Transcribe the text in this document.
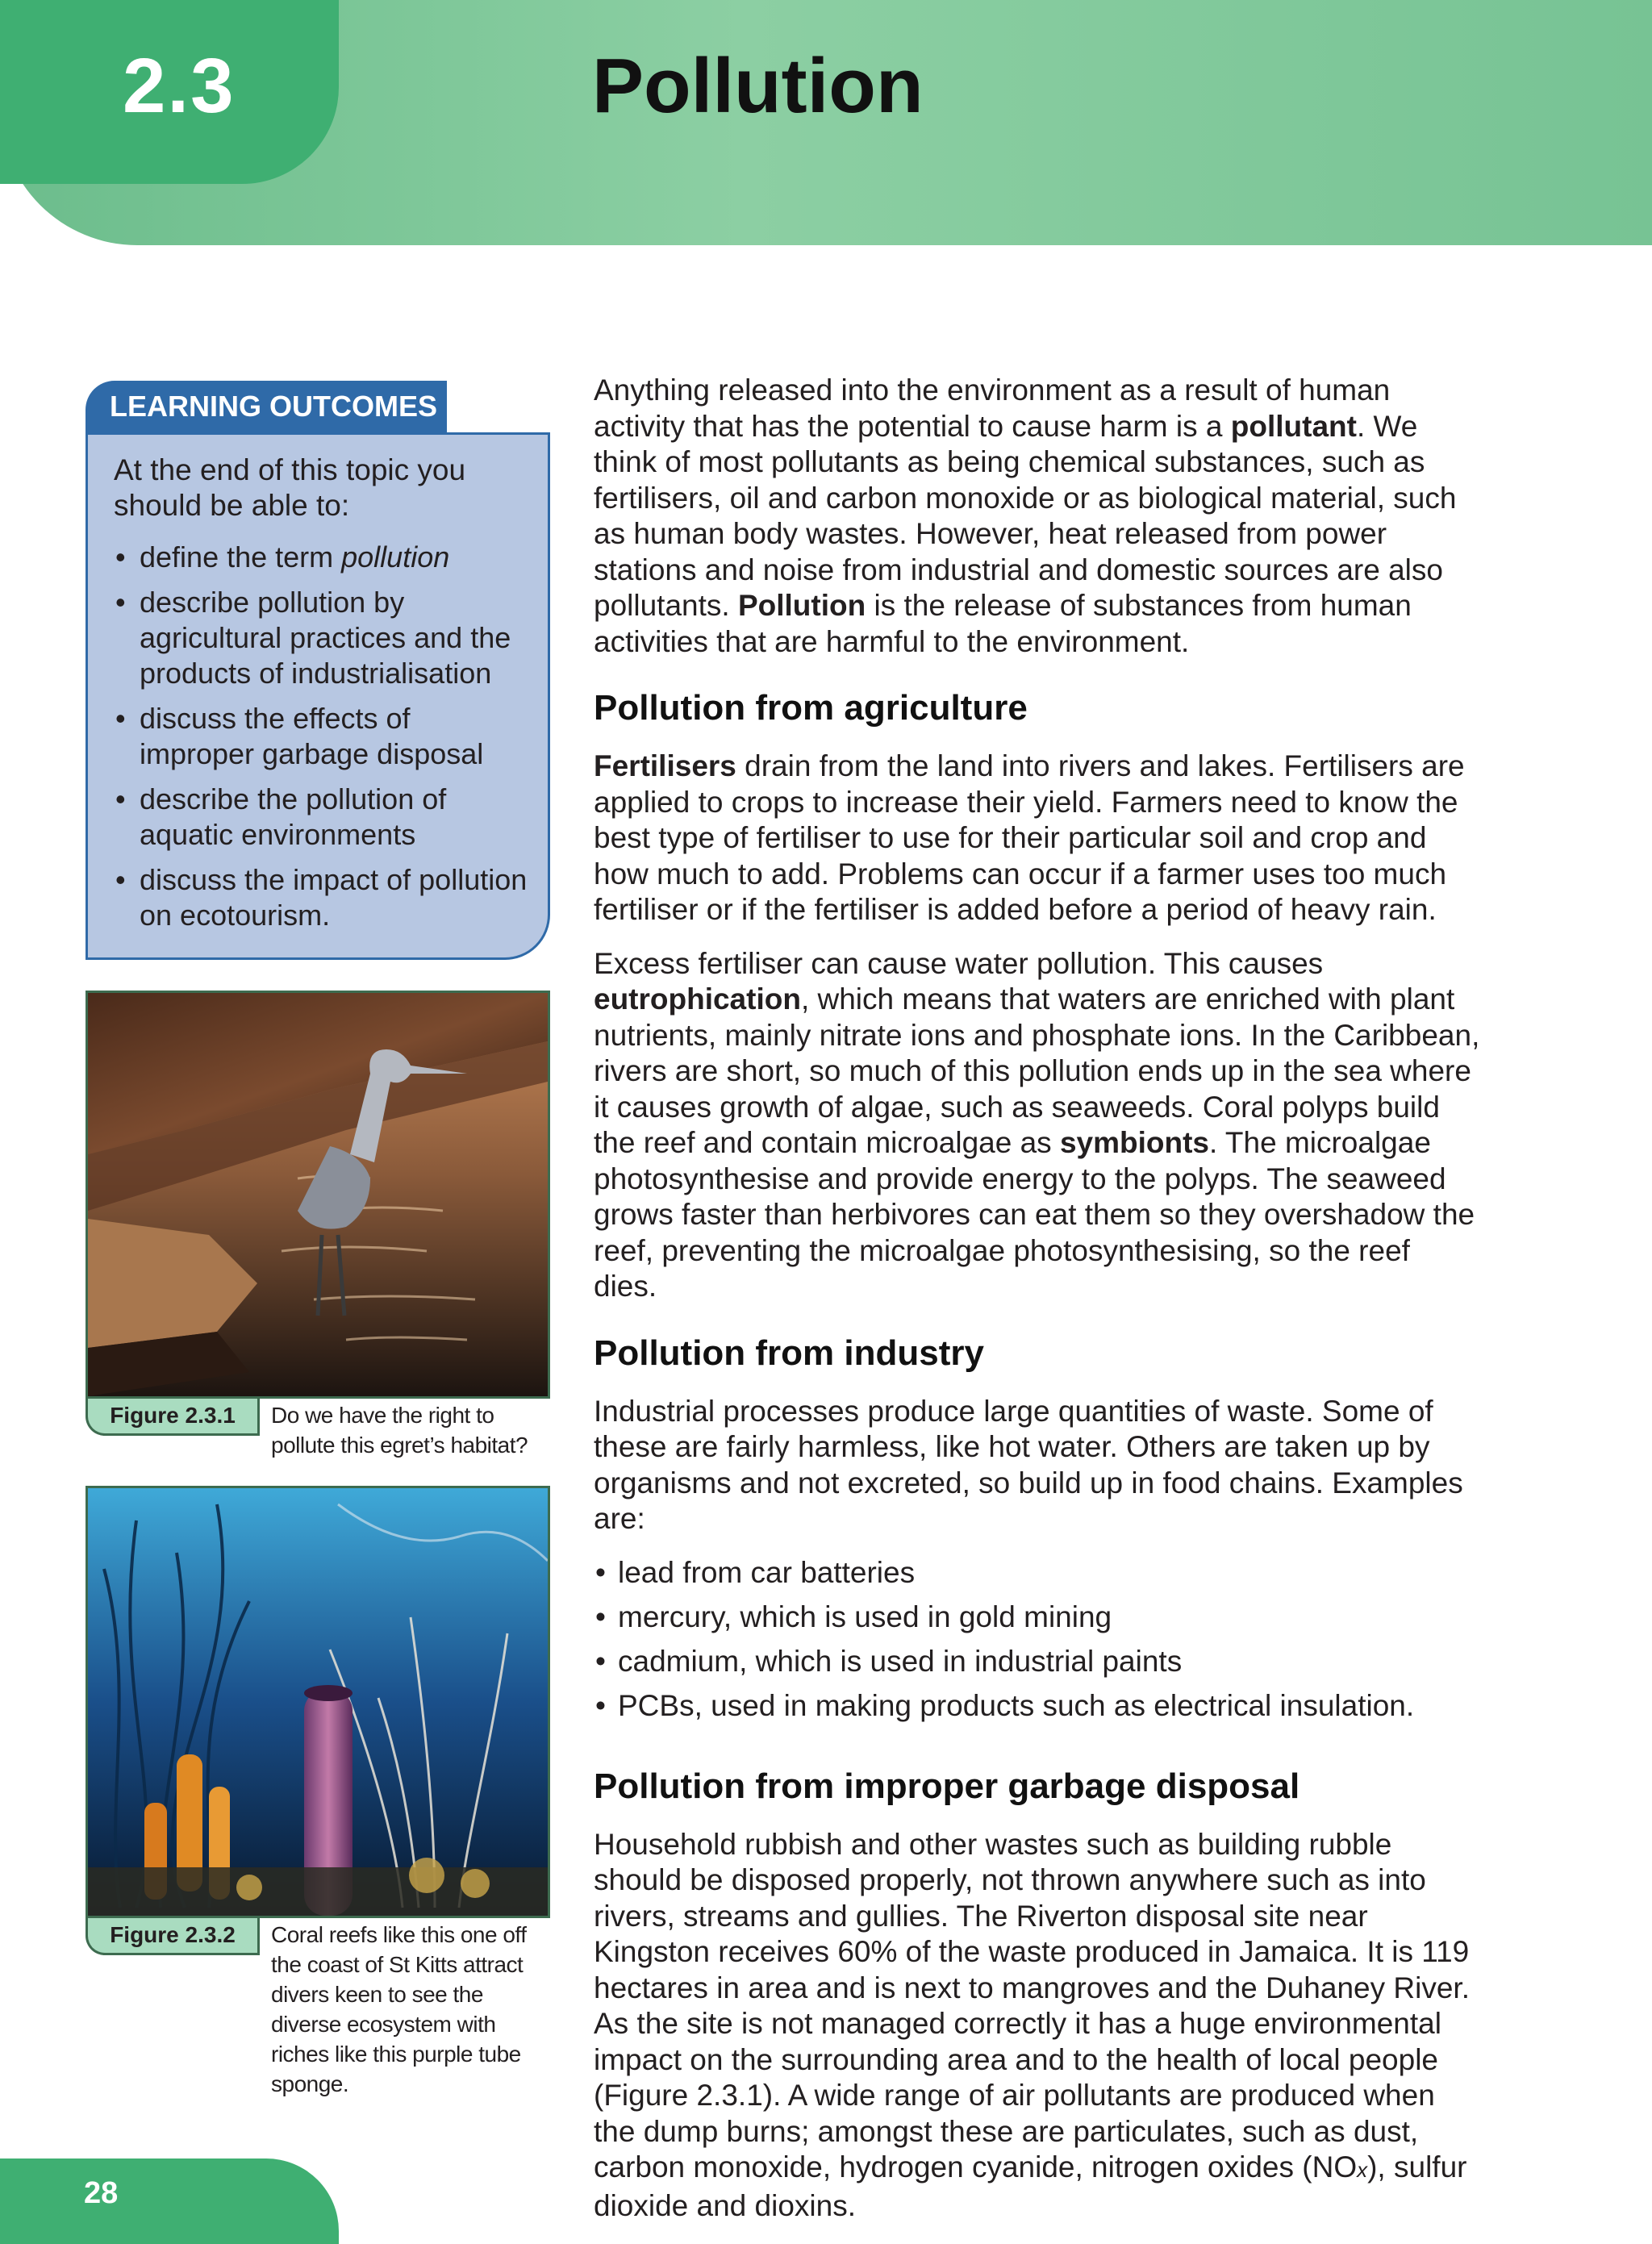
2.3	Pollution
LEARNING OUTCOMES

At the end of this topic you should be able to:

• define the term pollution
• describe pollution by agricultural practices and the products of industrialisation
• discuss the effects of improper garbage disposal
• describe the pollution of aquatic environments
• discuss the impact of pollution on ecotourism.
Figure 2.3.1	Do we have the right to pollute this egret’s habitat?
Figure 2.3.2	Coral reefs like this one off the coast of St Kitts attract divers keen to see the diverse ecosystem with riches like this purple tube sponge.

Anything released into the environment as a result of human activity that has the potential to cause harm is a pollutant. We think of most pollutants as being chemical substances, such as fertilisers, oil and carbon monoxide or as biological material, such as human body wastes. However, heat released from power stations and noise from industrial and domestic sources are also pollutants. Pollution is the release of substances from human activities that are harmful to the environment.

Pollution from agriculture

Fertilisers drain from the land into rivers and lakes. Fertilisers are applied to crops to increase their yield. Farmers need to know the best type of fertiliser to use for their particular soil and crop and how much to add. Problems can occur if a farmer uses too much fertiliser or if the fertiliser is added before a period of heavy rain.

Excess fertiliser can cause water pollution. This causes eutrophication, which means that waters are enriched with plant nutrients, mainly nitrate ions and phosphate ions. In the Caribbean, rivers are short, so much of this pollution ends up in the sea where it causes growth of algae, such as seaweeds. Coral polyps build the reef and contain microalgae as symbionts. The microalgae photosynthesise and provide energy to the polyps. The seaweed grows faster than herbivores can eat them so they overshadow the reef, preventing the microalgae photosynthesising, so the reef dies.

Pollution from industry

Industrial processes produce large quantities of waste. Some of these are fairly harmless, like hot water. Others are taken up by organisms and not excreted, so build up in food chains. Examples are:

• lead from car batteries
• mercury, which is used in gold mining
• cadmium, which is used in industrial paints
• PCBs, used in making products such as electrical insulation.
Pollution from improper garbage disposal

Household rubbish and other wastes such as building rubble should be disposed properly, not thrown anywhere such as into rivers, streams and gullies. The Riverton disposal site near Kingston receives 60% of the waste produced in Jamaica. It is 119 hectares in area and is next to mangroves and the Duhaney River. As the site is not managed correctly it has a huge environmental impact on the surrounding area and to the health of local people (Figure 2.3.1). A wide range of air pollutants are produced when the dump burns; amongst these are particulates, such as dust, carbon monoxide, hydrogen cyanide, nitrogen oxides (NOx), sulfur dioxide and dioxins.

28
